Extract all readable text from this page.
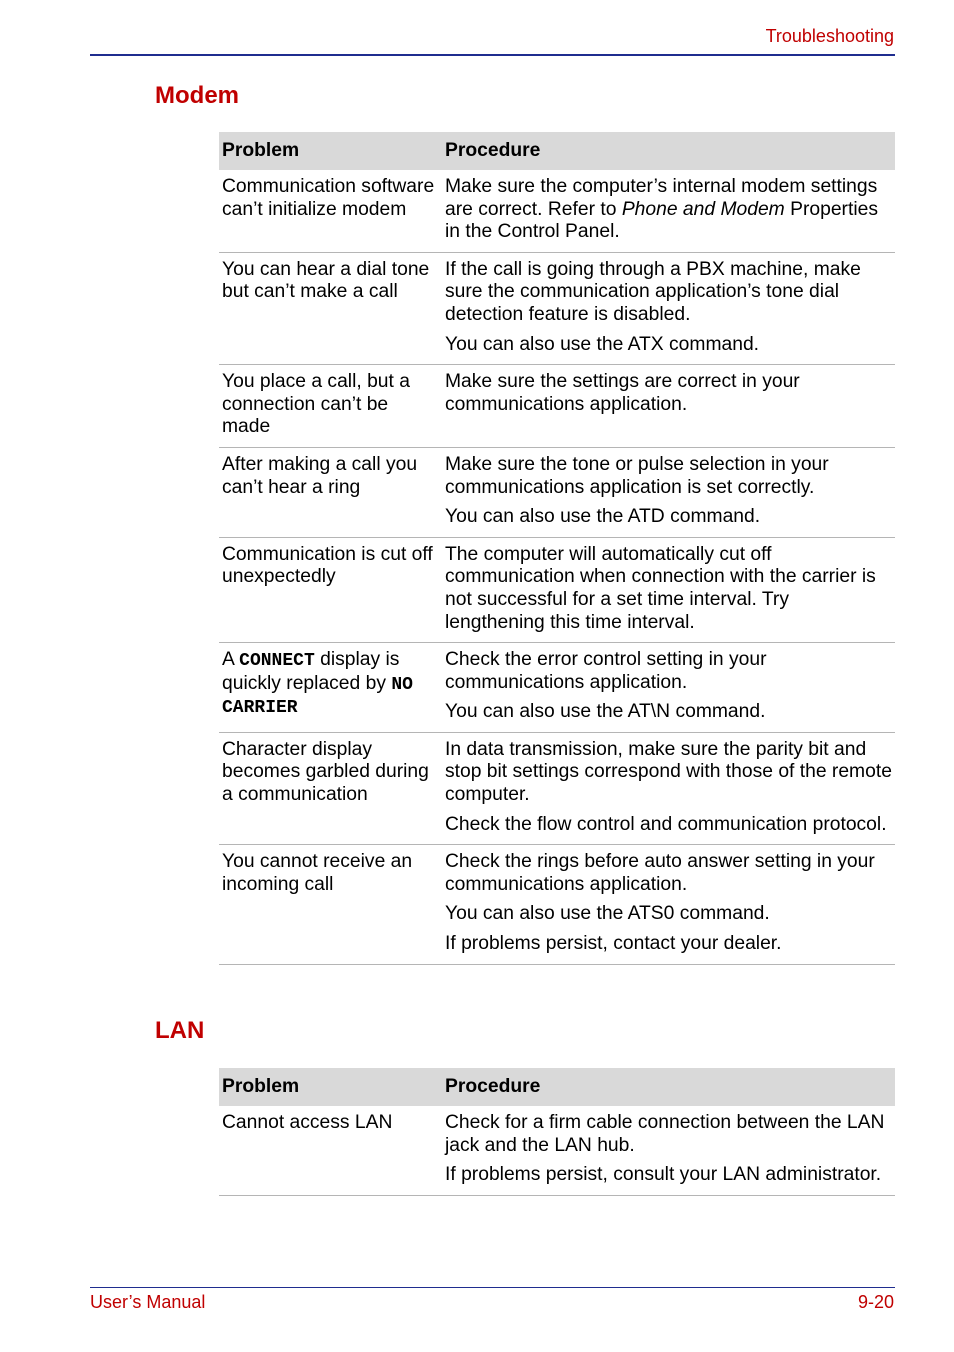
Troubleshooting
Modem
Problem	Procedure

Communication software can’t initialize modem	Make sure the computer’s internal modem settings are correct. Refer to Phone and Modem Properties in the Control Panel.

You can hear a dial tone but can’t make a call	If the call is going through a PBX machine, make sure the communication application’s tone dial detection feature is disabled.

You can also use the ATX command.

You place a call, but a connection can’t be made	Make sure the settings are correct in your communications application.

After making a call you can’t hear a ring	Make sure the tone or pulse selection in your communications application is set correctly.

You can also use the ATD command.

Communication is cut off unexpectedly	The computer will automatically cut off communication when connection with the carrier is not successful for a set time interval. Try lengthening this time interval.

A CONNECT display is quickly replaced by NO CARRIER	Check the error control setting in your communications application.

You can also use the AT\N command.

Character display becomes garbled during a communication	In data transmission, make sure the parity bit and stop bit settings correspond with those of the remote computer.

Check the flow control and communication protocol.

You cannot receive an incoming call	Check the rings before auto answer setting in your communications application.

You can also use the ATS0 command.

If problems persist, contact your dealer.

LAN
Problem	Procedure

Cannot access LAN	Check for a firm cable connection between the LAN jack and the LAN hub.

If problems persist, consult your LAN administrator.

User’s Manual	9-20
